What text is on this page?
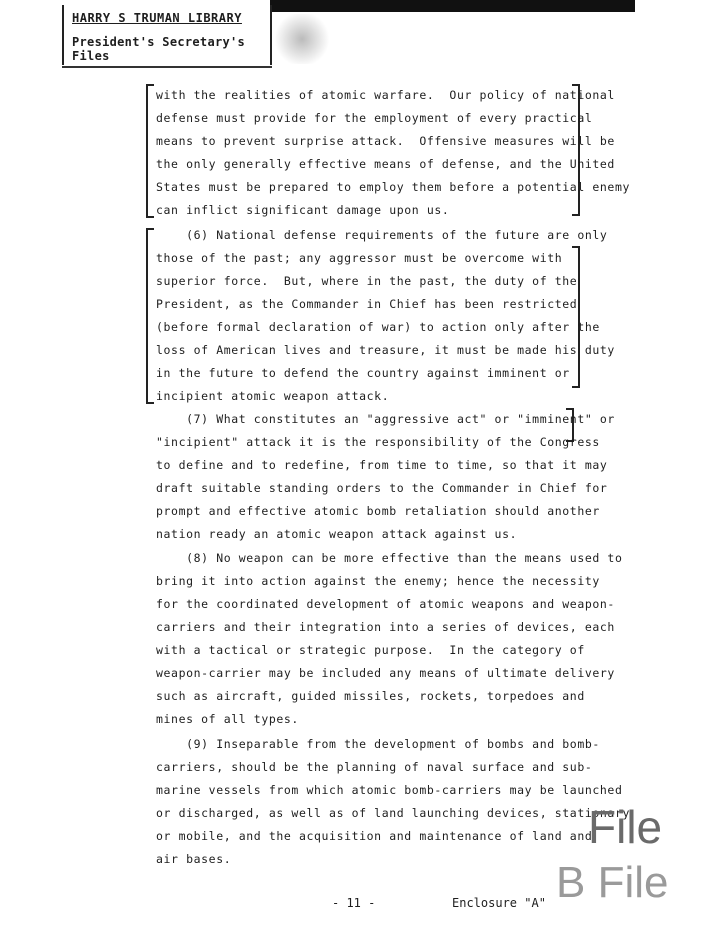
HARRY S TRUMAN LIBRARY
President's Secretary's Files
with the realities of atomic warfare.  Our policy of national
defense must provide for the employment of every practical
means to prevent surprise attack.  Offensive measures will be
the only generally effective means of defense, and the United
States must be prepared to employ them before a potential enemy
can inflict significant damage upon us.
(6) National defense requirements of the future are only
those of the past; any aggressor must be overcome with
superior force.  But, where in the past, the duty of the
President, as the Commander in Chief has been restricted
(before formal declaration of war) to action only after the
loss of American lives and treasure, it must be made his duty
in the future to defend the country against imminent or
incipient atomic weapon attack.
(7) What constitutes an "aggressive act" or "imminent" or
"incipient" attack it is the responsibility of the Congress
to define and to redefine, from time to time, so that it may
draft suitable standing orders to the Commander in Chief for
prompt and effective atomic bomb retaliation should another
nation ready an atomic weapon attack against us.
(8) No weapon can be more effective than the means used to
bring it into action against the enemy; hence the necessity
for the coordinated development of atomic weapons and weapon-
carriers and their integration into a series of devices, each
with a tactical or strategic purpose.  In the category of
weapon-carrier may be included any means of ultimate delivery
such as aircraft, guided missiles, rockets, torpedoes and
mines of all types.
(9) Inseparable from the development of bombs and bomb-
carriers, should be the planning of naval surface and sub-
marine vessels from which atomic bomb-carriers may be launched
or discharged, as well as of land launching devices, stationary
or mobile, and the acquisition and maintenance of land and
air bases.
- 11 -	Enclosure "A"
File
B File
